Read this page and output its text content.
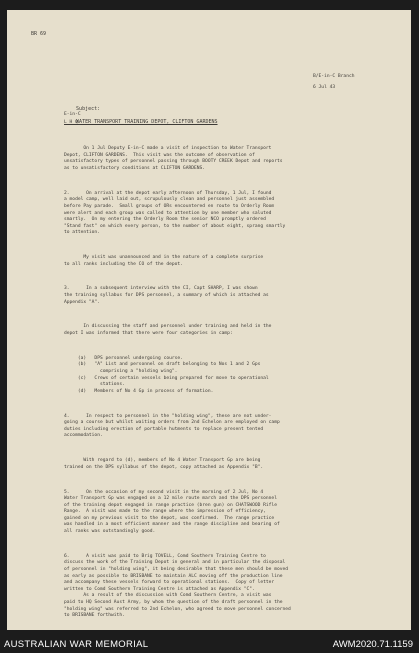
BR 69
B/E-in-C Branch
6 Jul 43

Subject:

WATER TRANSPORT TRAINING DEPOT, CLIFTON GARDENS

E-in-C
L H Q

On 1 Jul Deputy E-in-C made a visit of inspection to Water Transport
Depot, CLIFTON GARDENS.  This visit was the outcome of observation of
unsatisfactory types of personnel passing through BOOTY CREEK Depot and reports
as to unsatisfactory conditions at CLIFTON GARDENS.

2.      On arrival at the depot early afternoon of Thursday, 1 Jul, I found
a model camp, well laid out, scrupulously clean and personnel just assembled
before Pay parade.  Small groups of ORs encountered en route to Orderly Room
were alert and each group was called to attention by one member who saluted
smartly.  On my entering the Orderly Room the senior NCO promptly ordered
"Stand fast" on which every person, to the number of about eight, sprang smartly
to attention.

My visit was unannounced and in the nature of a complete surprise
to all ranks including the CO of the depot.

3.      In a subsequent interview with the CI, Capt SHARP, I was shown
the training syllabus for DPS personnel, a summary of which is attached as
Appendix "A".

In discussing the staff and personnel under training and held in the
depot I was informed that there were four categories in camp:

(a)   DPS personnel undergoing course.
(b)   "A" List and personnel on draft belonging to Nos 1 and 2 Gps
comprising a "holding wing".
(c)   Crews of certain vessels being prepared for move to operational
stations.
(d)   Members of No 4 Gp in process of formation.

4.      In respect to personnel in the "holding wing", these are not under-
going a course but whilst waiting orders from 2nd Echelon are employed on camp
duties including erection of portable hutments to replace present tented
accommodation.

With regard to (d), members of No 4 Water Transport Gp are being
trained on the DPS syllabus of the depot, copy attached as Appendix "B".

5.      On the occasion of my second visit in the morning of 2 Jul, No 4
Water Transport Gp was engaged on a 12 mile route march and the DPS personnel
of the training depot engaged in range practice (bren gun) on CHATSWOOD Rifle
Range.  A visit was made to the range where the impression of efficiency,
gained on my previous visit to the depot, was confirmed.  The range practice
was handled in a most efficient manner and the range discipline and bearing of
all ranks was outstandingly good.

6.      A visit was paid to Brig TOVELL, Comd Southern Training Centre to
discuss the work of the Training Depot in general and in particular the disposal
of personnel in "holding wing", it being desirable that these men should be moved
as early as possible to BRISBANE to maintain ALC moving off the production line
and accompany these vessels forward to operational stations.  Copy of letter
written to Comd Southern Training Centre is attached as Appendix "C".
As a result of the discussion with Comd Southern Centre, a visit was
paid to HQ Second Aust Army, by whom the question of the draft personnel in the
"holding wing" was referred to 2nd Echelon, who agreed to move personnel concerned
to BRISBANE forthwith.

AUSTRALIAN WAR MEMORIAL	AWM2020.71.1159
